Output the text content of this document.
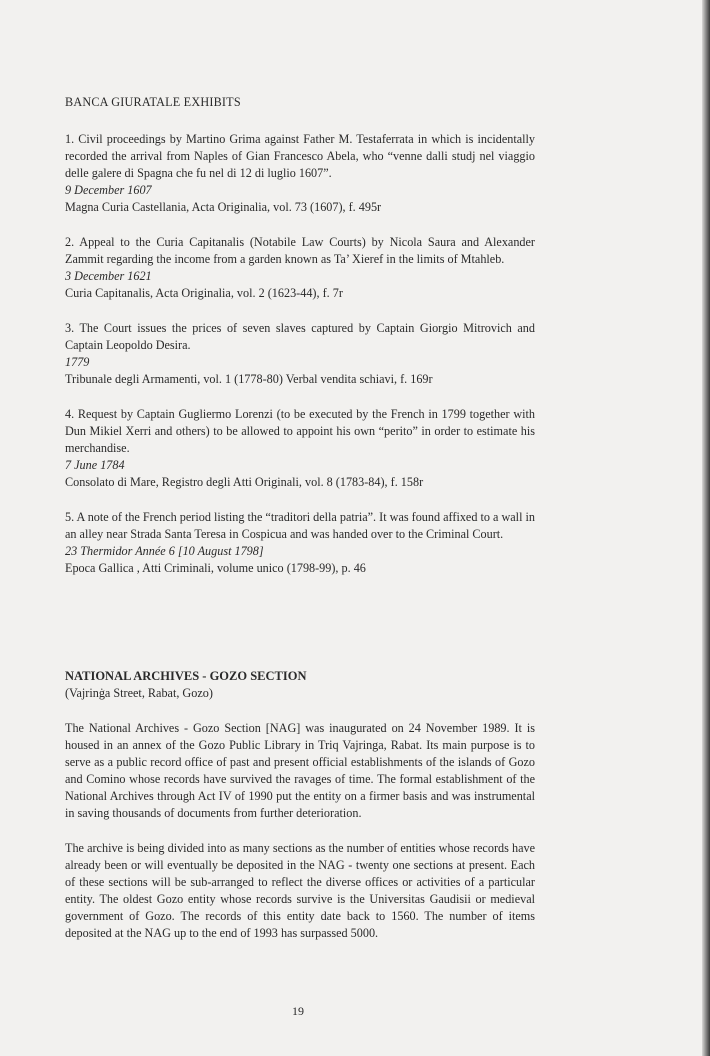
BANCA GIURATALE EXHIBITS

1. Civil proceedings by Martino Grima against Father M. Testaferrata in which is incidentally recorded the arrival from Naples of Gian Francesco Abela, who “venne dalli studj nel viaggio delle galere di Spagna che fu nel di 12 di luglio 1607”.

9 December 1607

Magna Curia Castellania, Acta Originalia, vol. 73 (1607), f. 495r

2. Appeal to the Curia Capitanalis (Notabile Law Courts) by Nicola Saura and Alexander Zammit regarding the income from a garden known as Ta’ Xieref in the limits of Mtahleb.

3 December 1621

Curia Capitanalis, Acta Originalia, vol. 2 (1623-44), f. 7r

3. The Court issues the prices of seven slaves captured by Captain Giorgio Mitrovich and Captain Leopoldo Desira.

1779

Tribunale degli Armamenti, vol. 1 (1778-80) Verbal vendita schiavi, f. 169r

4. Request by Captain Gugliermo Lorenzi (to be executed by the French in 1799 together with Dun Mikiel Xerri and others) to be allowed to appoint his own “perito” in order to estimate his merchandise.

7 June 1784

Consolato di Mare, Registro degli Atti Originali, vol. 8 (1783-84), f. 158r

5. A note of the French period listing the “traditori della patria”. It was found affixed to a wall in an alley near Strada Santa Teresa in Cospicua and was handed over to the Criminal Court.

23 Thermidor Année 6 [10 August 1798]

Epoca Gallica , Atti Criminali, volume unico (1798-99), p. 46

NATIONAL ARCHIVES - GOZO SECTION
(Vajrinġa Street, Rabat, Gozo)

The National Archives - Gozo Section [NAG] was inaugurated on 24 November 1989. It is housed in an annex of the Gozo Public Library in Triq Vajringa, Rabat. Its main purpose is to serve as a public record office of past and present official establishments of the islands of Gozo and Comino whose records have survived the ravages of time. The formal establishment of the National Archives through Act IV of 1990 put the entity on a firmer basis and was instrumental in saving thousands of documents from further deterioration.

The archive is being divided into as many sections as the number of entities whose records have already been or will eventually be deposited in the NAG - twenty one sections at present. Each of these sections will be sub-arranged to reflect the diverse offices or activities of a particular entity. The oldest Gozo entity whose records survive is the Universitas Gaudisii or medieval government of Gozo. The records of this entity date back to 1560. The number of items deposited at the NAG up to the end of 1993 has surpassed 5000.

19
